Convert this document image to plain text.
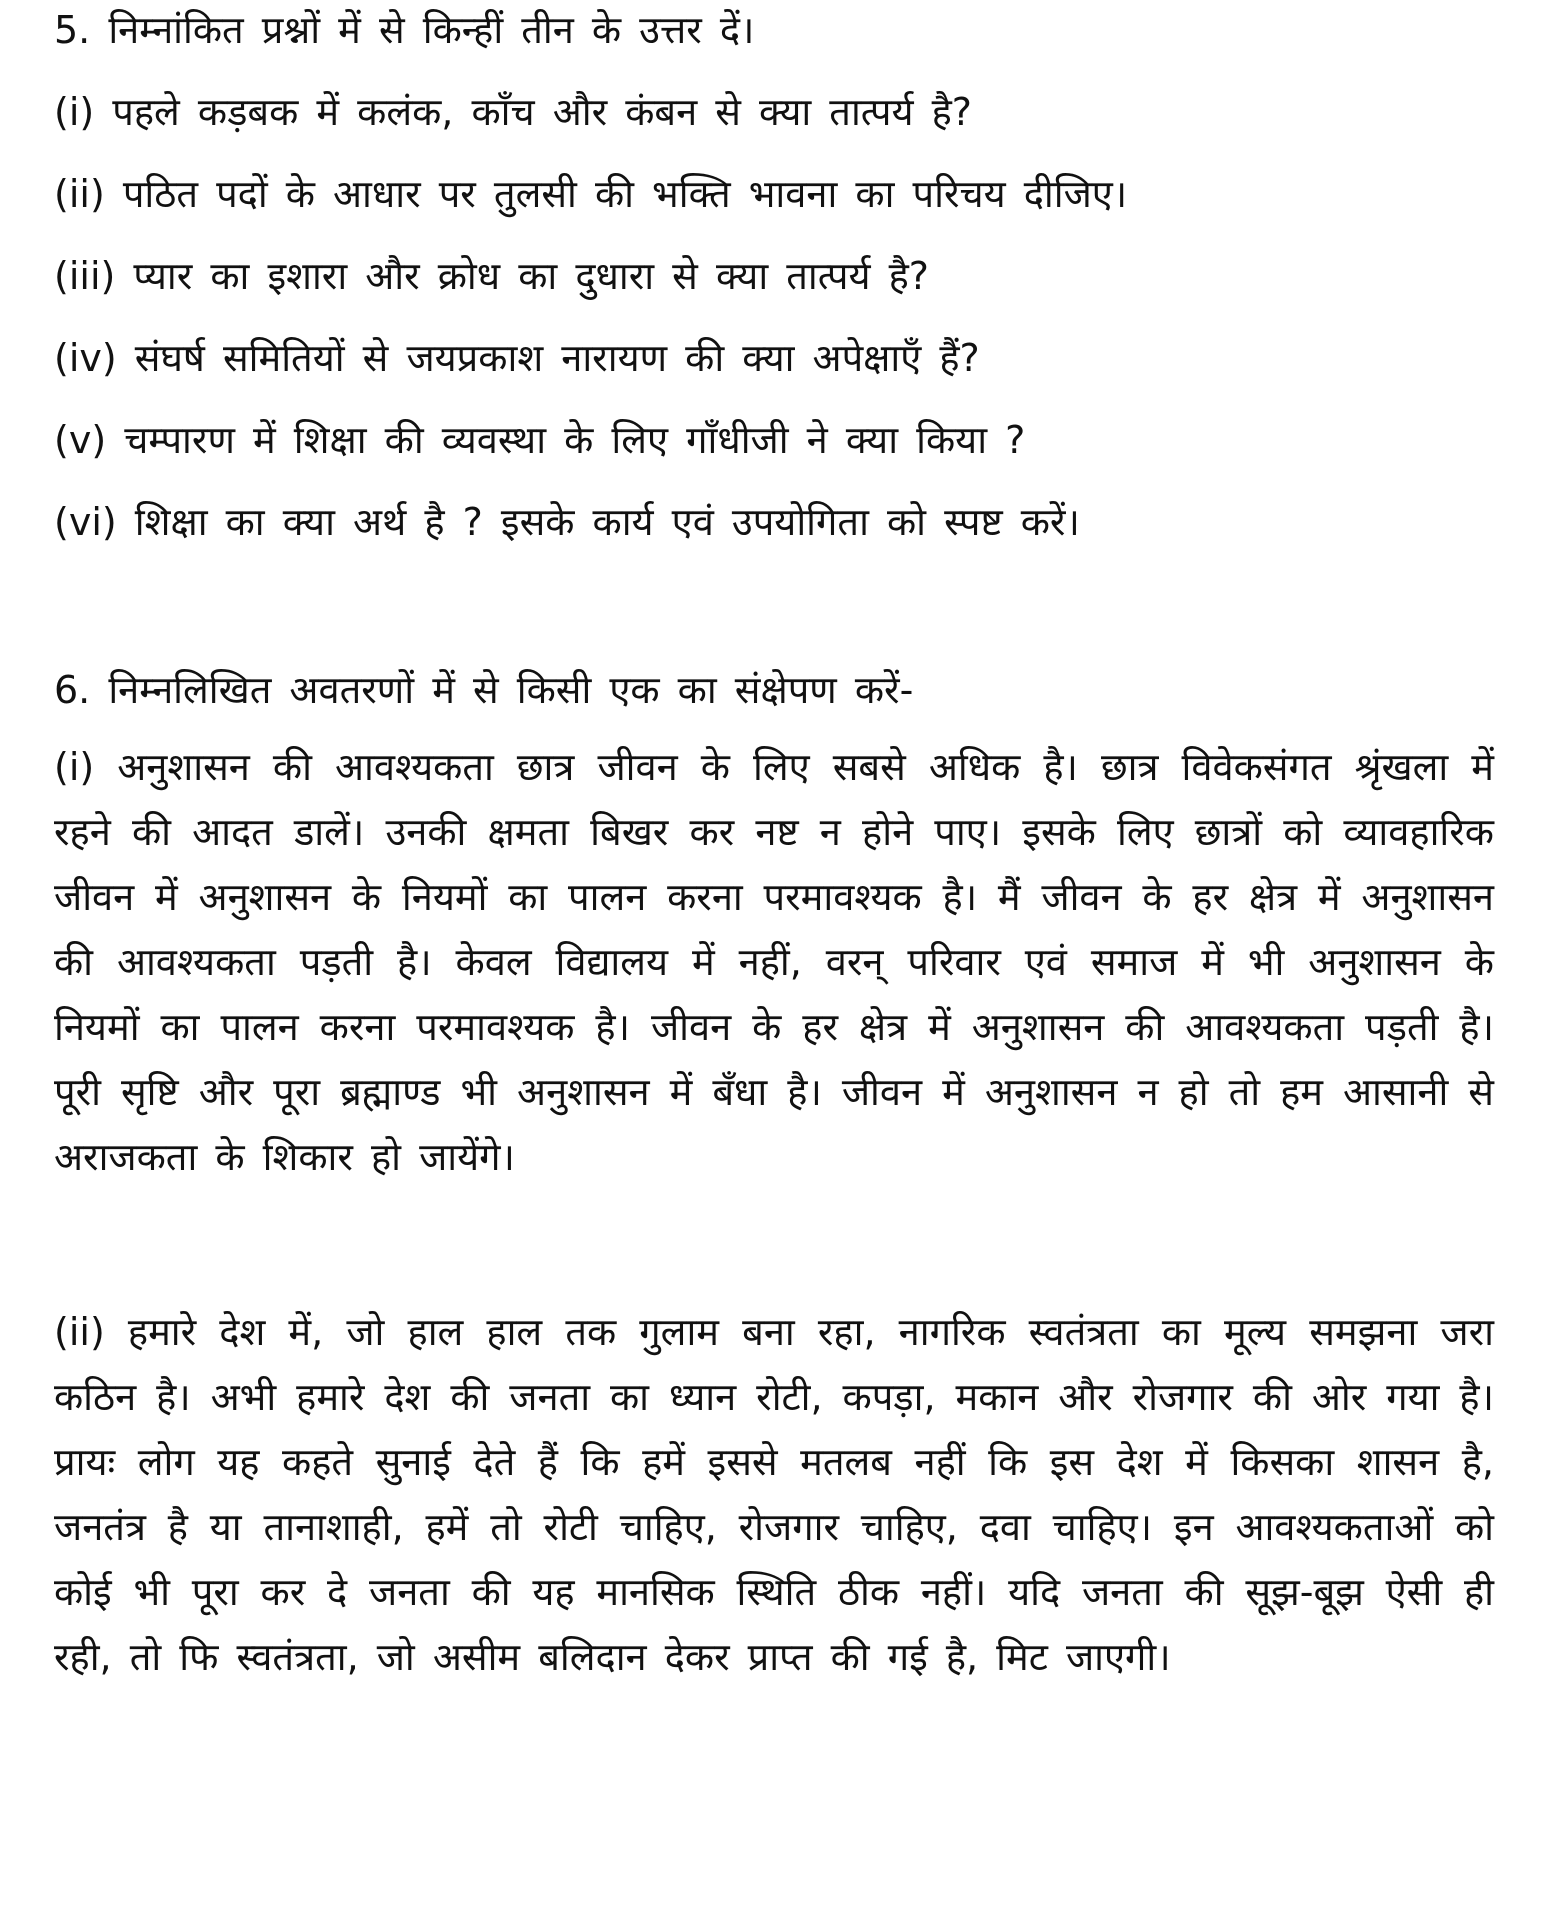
5. निम्नांकित प्रश्नों में से किन्हीं तीन के उत्तर दें।
(i) पहले कड़बक में कलंक, काँच और कंबन से क्या तात्पर्य है?
(ii) पठित पदों के आधार पर तुलसी की भक्ति भावना का परिचय दीजिए।
(iii) प्यार का इशारा और क्रोध का दुधारा से क्या तात्पर्य है?
(iv) संघर्ष समितियों से जयप्रकाश नारायण की क्या अपेक्षाएँ हैं?
(v) चम्पारण में शिक्षा की व्यवस्था के लिए गाँधीजी ने क्या किया ?
(vi) शिक्षा का क्या अर्थ है ? इसके कार्य एवं उपयोगिता को स्पष्ट करें।
6. निम्नलिखित अवतरणों में से किसी एक का संक्षेपण करें-

(i) अनुशासन की आवश्यकता छात्र जीवन के लिए सबसे अधिक है। छात्र विवेकसंगत श्रृंखला में रहने की आदत डालें। उनकी क्षमता बिखर कर नष्ट न होने पाए। इसके लिए छात्रों को व्यावहारिक जीवन में अनुशासन के नियमों का पालन करना परमावश्यक है। मैं जीवन के हर क्षेत्र में अनुशासन की आवश्यकता पड़ती है। केवल विद्यालय में नहीं, वरन् परिवार एवं समाज में भी अनुशासन के नियमों का पालन करना परमावश्यक है। जीवन के हर क्षेत्र में अनुशासन की आवश्यकता पड़ती है। पूरी सृष्टि और पूरा ब्रह्माण्ड भी अनुशासन में बँधा है। जीवन में अनुशासन न हो तो हम आसानी से अराजकता के शिकार हो जायेंगे।

(ii) हमारे देश में, जो हाल हाल तक गुलाम बना रहा, नागरिक स्वतंत्रता का मूल्य समझना जरा कठिन है। अभी हमारे देश की जनता का ध्यान रोटी, कपड़ा, मकान और रोजगार की ओर गया है। प्रायः लोग यह कहते सुनाई देते हैं कि हमें इससे मतलब नहीं कि इस देश में किसका शासन है, जनतंत्र है या तानाशाही, हमें तो रोटी चाहिए, रोजगार चाहिए, दवा चाहिए। इन आवश्यकताओं को कोई भी पूरा कर दे जनता की यह मानसिक स्थिति ठीक नहीं। यदि जनता की सूझ-बूझ ऐसी ही रही, तो फि स्वतंत्रता, जो असीम बलिदान देकर प्राप्त की गई है, मिट जाएगी।
